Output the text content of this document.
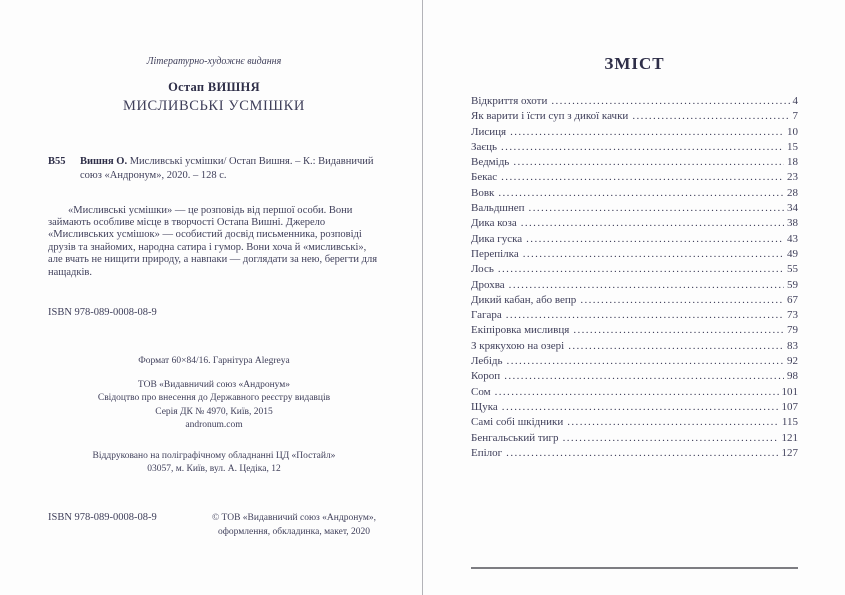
Літературно-художнє видання
Остап ВИШНЯ
МИСЛИВСЬКІ УСМІШКИ
В55	Вишня О. Мисливські усмішки/ Остап Вишня. – К.: Видавничий союз «Андронум», 2020. – 128 с.
«Мисливські усмішки» — це розповідь від першої особи. Вони займають особливе місце в творчості Остапа Вишні. Джерело «Мисливських усмішок» — особистий досвід письменника, розповіді друзів та знайомих, народна сатира і гумор. Вони хоча й «мисливські», але вчать не нищити природу, а навпаки — доглядати за нею, берегти для нащадків.
ISBN 978-089-0008-08-9
Формат 60×84/16. Гарнітура Alegreya
ТОВ «Видавничий союз «Андронум»
Свідоцтво про внесення до Державного реєстру видавців
Серія ДК № 4970, Київ, 2015
andronum.com
Віддруковано на поліграфічному обладнанні ЦД «Постайл»
03057, м. Київ, вул. А. Цедіка, 12
ISBN 978-089-0008-08-9	© ТОВ «Видавничий союз «Андронум»,
оформлення, обкладинка, макет, 2020
ЗМІСТ
Відкриття охоти .....	4
Як варити і їсти суп з дикої качки .....	7
Лисиця .....	10
Заєць .....	15
Ведмідь .....	18
Бекас .....	23
Вовк .....	28
Вальдшнеп .....	34
Дика коза .....	38
Дика гуска .....	43
Перепілка .....	49
Лось .....	55
Дрохва .....	59
Дикий кабан, або вепр .....	67
Гагара .....	73
Екіпіровка мисливця .....	79
З крякухою на озері .....	83
Лебідь .....	92
Короп .....	98
Сом .....	101
Щука .....	107
Самі собі шкідники .....	115
Бенгальський тигр .....	121
Епілог .....	127
